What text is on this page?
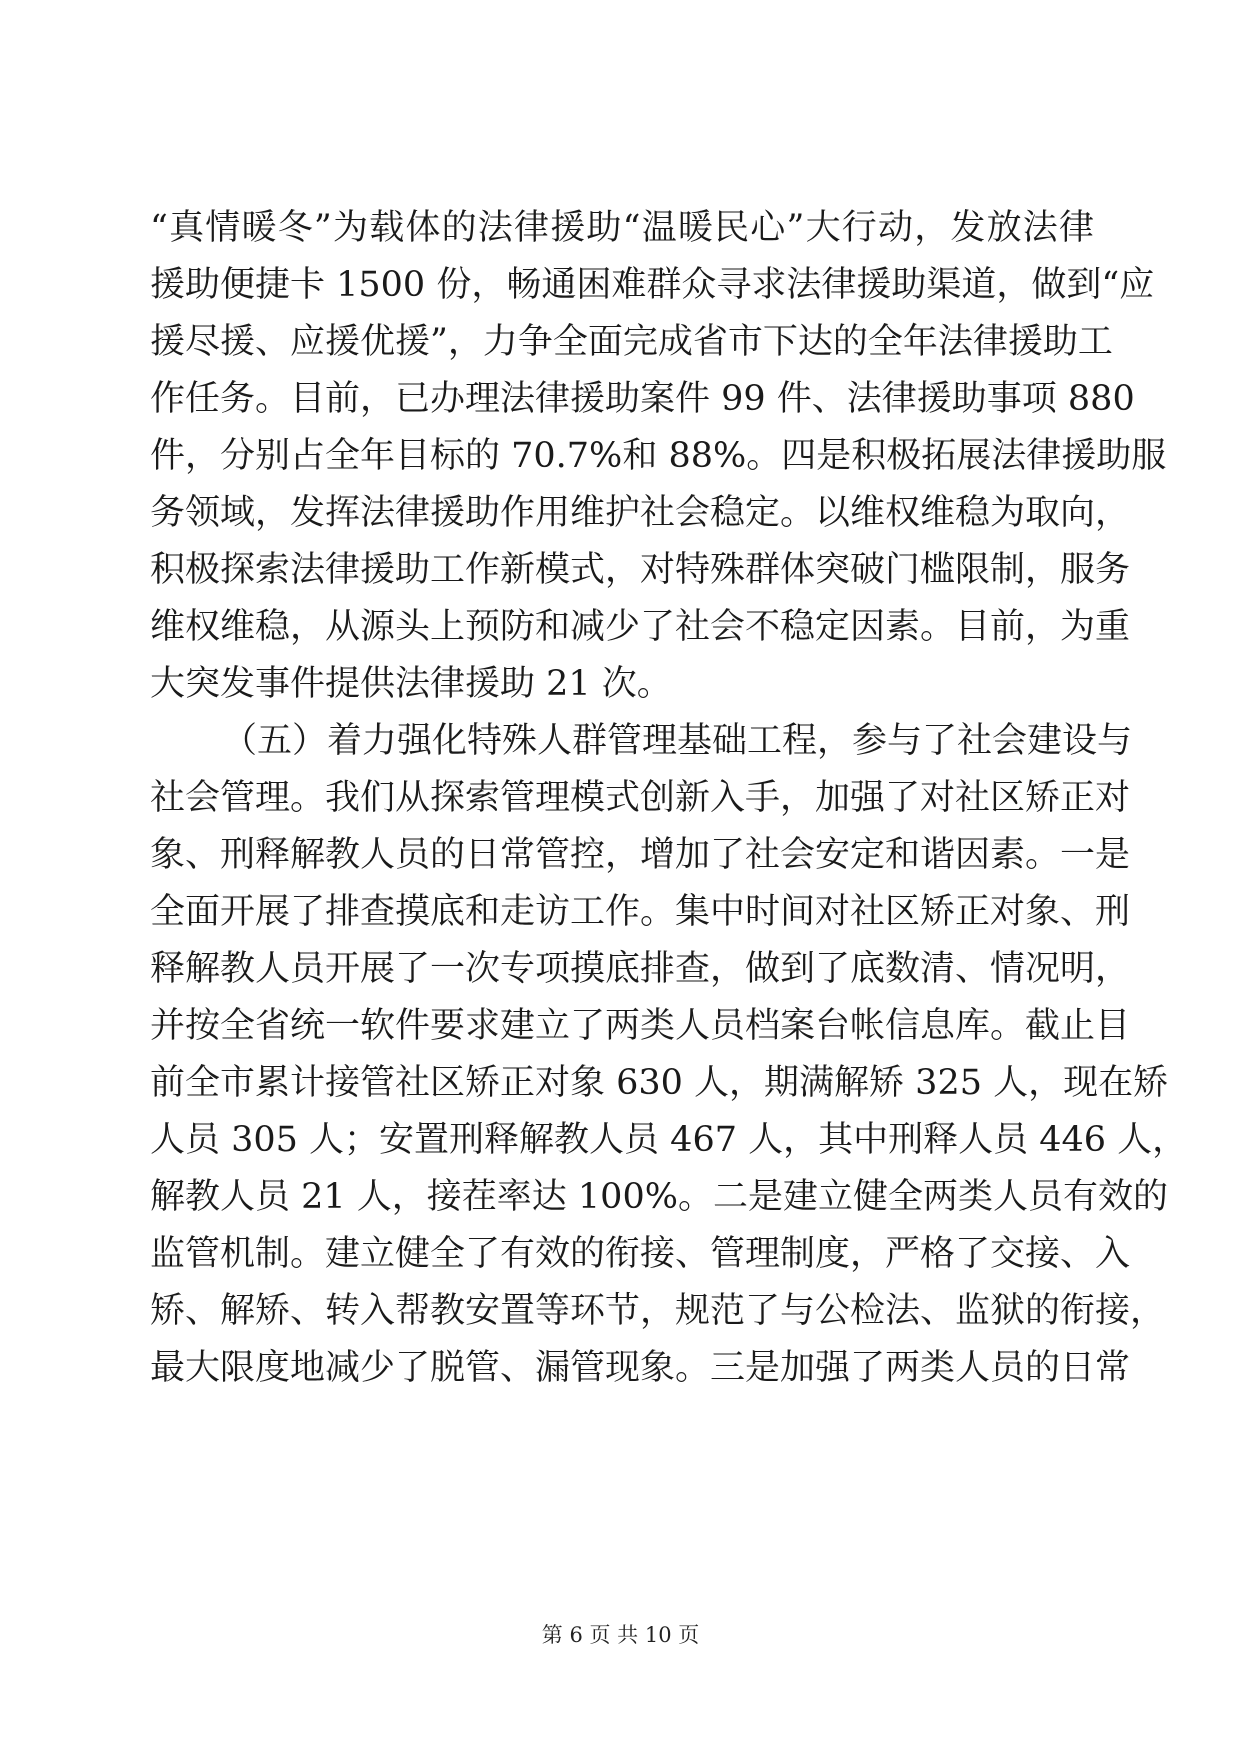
“真情暖冬”为载体的法律援助“温暖民心”大行动，发放法律
援助便捷卡 1500 份，畅通困难群众寻求法律援助渠道，做到“应
援尽援、应援优援”，力争全面完成省市下达的全年法律援助工
作任务。目前，已办理法律援助案件 99 件、法律援助事项 880
件，分别占全年目标的 70.7%和 88%。四是积极拓展法律援助服
务领域，发挥法律援助作用维护社会稳定。以维权维稳为取向，
积极探索法律援助工作新模式，对特殊群体突破门槛限制，服务
维权维稳，从源头上预防和减少了社会不稳定因素。目前，为重
大突发事件提供法律援助 21 次。
（五）着力强化特殊人群管理基础工程，参与了社会建设与
社会管理。我们从探索管理模式创新入手，加强了对社区矫正对
象、刑释解教人员的日常管控，增加了社会安定和谐因素。一是
全面开展了排查摸底和走访工作。集中时间对社区矫正对象、刑
释解教人员开展了一次专项摸底排查，做到了底数清、情况明，
并按全省统一软件要求建立了两类人员档案台帐信息库。截止目
前全市累计接管社区矫正对象 630 人，期满解矫 325 人，现在矫
人员 305 人；安置刑释解教人员 467 人，其中刑释人员 446 人，
解教人员 21 人，接茬率达 100%。二是建立健全两类人员有效的
监管机制。建立健全了有效的衔接、管理制度，严格了交接、入
矫、解矫、转入帮教安置等环节，规范了与公检法、监狱的衔接，
最大限度地减少了脱管、漏管现象。三是加强了两类人员的日常
第 6 页 共 10 页
